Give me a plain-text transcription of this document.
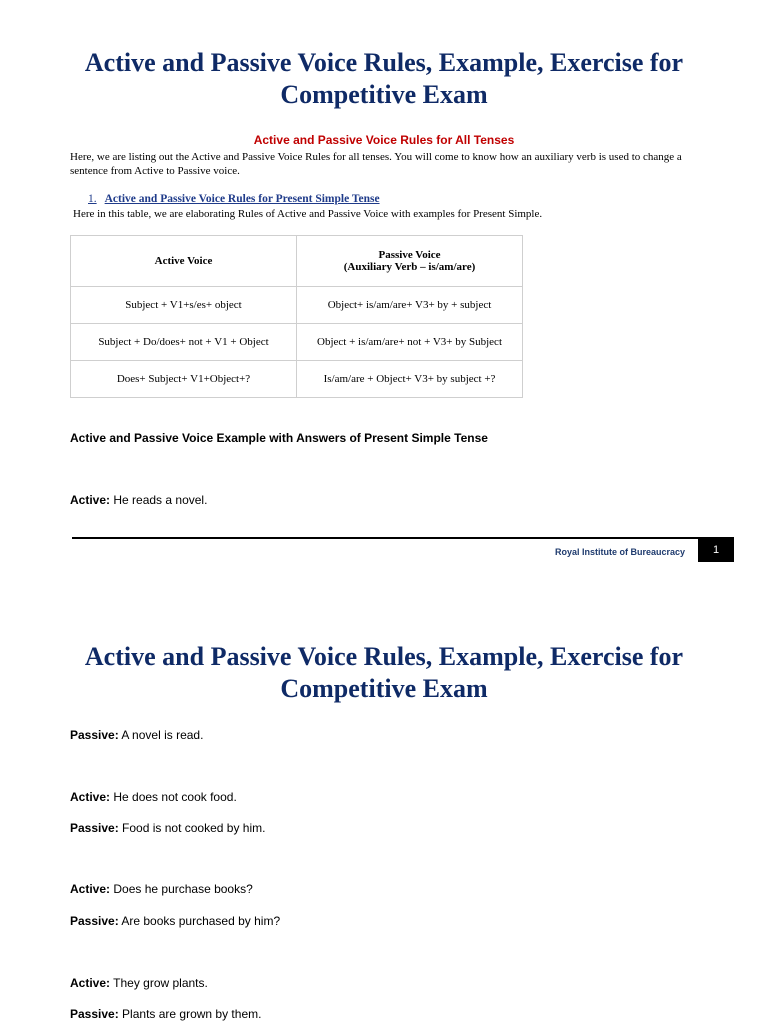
Active and Passive Voice Rules, Example, Exercise for
Competitive Exam
Active and Passive Voice Rules for All Tenses
Here, we are listing out the Active and Passive Voice Rules for all tenses. You will come to know how an auxiliary verb is used to change a sentence from Active to Passive voice.
1. Active and Passive Voice Rules for Present Simple Tense
Here in this table, we are elaborating Rules of Active and Passive Voice with examples for Present Simple.
Active Voice	Passive Voice
(Auxiliary Verb – is/am/are)

Subject + V1+s/es+ object	Object+ is/am/are+ V3+ by + subject
Subject + Do/does+ not + V1 + Object	Object + is/am/are+ not + V3+ by Subject
Does+ Subject+ V1+Object+?	Is/am/are + Object+ V3+ by subject +?
Active and Passive Voice Example with Answers of Present Simple Tense
Active: He reads a novel.
Royal Institute of Bureaucracy	1
Active and Passive Voice Rules, Example, Exercise for
Competitive Exam
Passive: A novel is read.
Active: He does not cook food.
Passive: Food is not cooked by him.
Active: Does he purchase books?
Passive: Are books purchased by him?
Active: They grow plants.
Passive: Plants are grown by them.
